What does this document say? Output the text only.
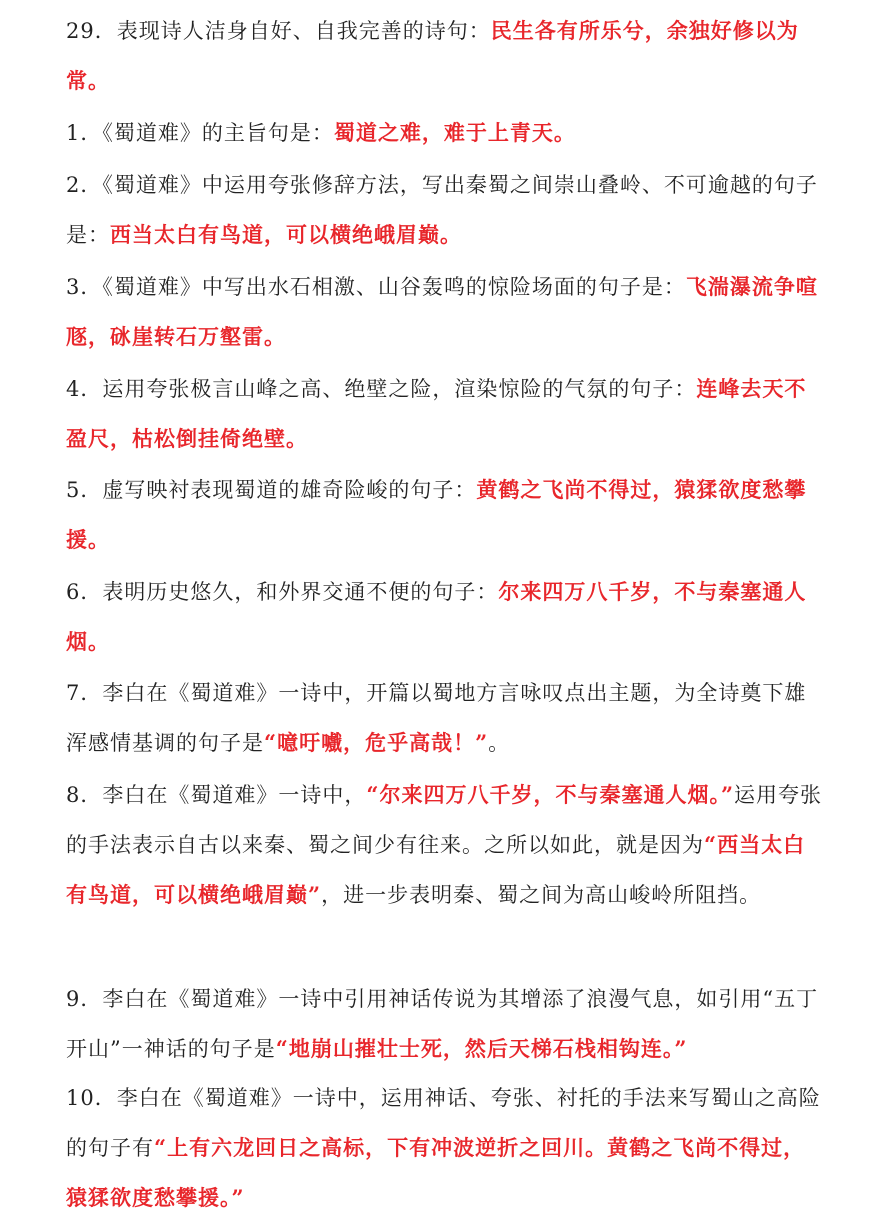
29．表现诗人洁身自好、自我完善的诗句：民生各有所乐兮，余独好修以为常。

1．《蜀道难》的主旨句是：蜀道之难，难于上青天。

2．《蜀道难》中运用夸张修辞方法，写出秦蜀之间崇山叠岭、不可逾越的句子是：西当太白有鸟道，可以横绝峨眉巅。

3．《蜀道难》中写出水石相激、山谷轰鸣的惊险场面的句子是：飞湍瀑流争喧豗，砯崖转石万壑雷。

4．运用夸张极言山峰之高、绝壁之险，渲染惊险的气氛的句子：连峰去天不盈尺，枯松倒挂倚绝壁。

5．虚写映衬表现蜀道的雄奇险峻的句子：黄鹤之飞尚不得过，猿猱欲度愁攀援。

6．表明历史悠久，和外界交通不便的句子：尔来四万八千岁，不与秦塞通人烟。

7．李白在《蜀道难》一诗中，开篇以蜀地方言咏叹点出主题，为全诗奠下雄浑感情基调的句子是“噫吁嚱，危乎高哉！”。

8．李白在《蜀道难》一诗中，“尔来四万八千岁，不与秦塞通人烟。”运用夸张的手法表示自古以来秦、蜀之间少有往来。之所以如此，就是因为“西当太白有鸟道，可以横绝峨眉巅”，进一步表明秦、蜀之间为高山峻岭所阻挡。

9．李白在《蜀道难》一诗中引用神话传说为其增添了浪漫气息，如引用“五丁开山”一神话的句子是“地崩山摧壮士死，然后天梯石栈相钩连。”

10．李白在《蜀道难》一诗中，运用神话、夸张、衬托的手法来写蜀山之高险的句子有“上有六龙回日之高标，下有冲波逆折之回川。黄鹤之飞尚不得过，猿猱欲度愁攀援。”
